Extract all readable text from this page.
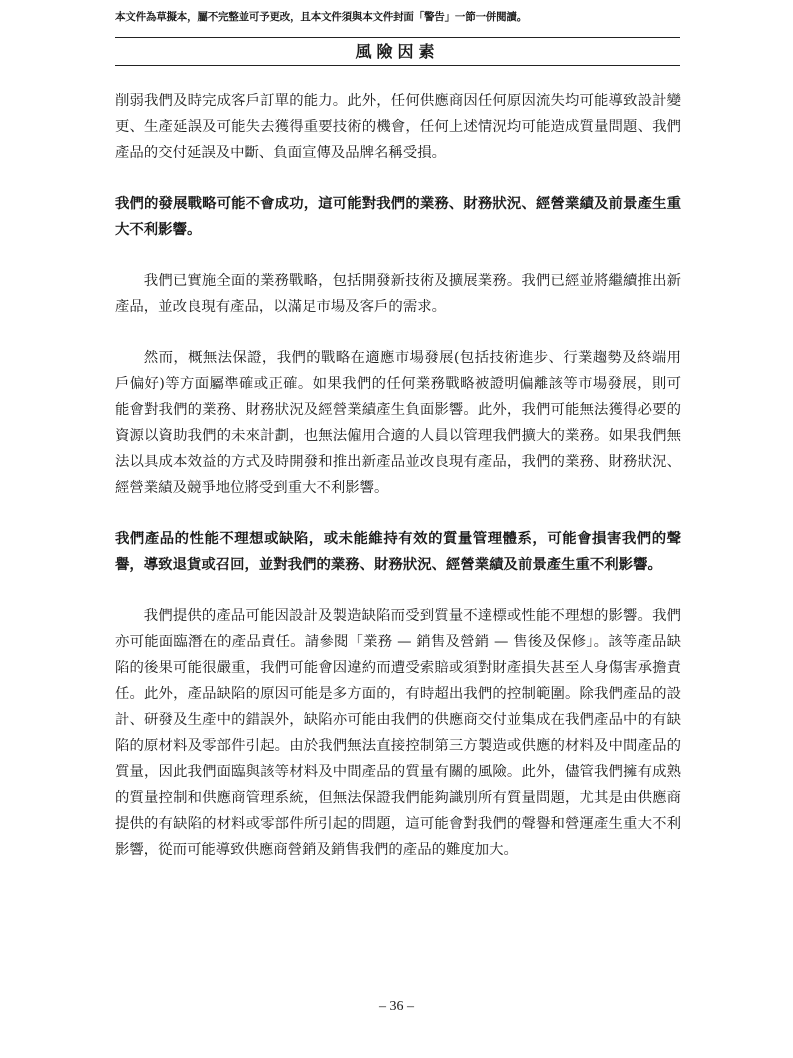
本文件為草擬本，屬不完整並可予更改，且本文件須與本文件封面「警告」一節一併閱讀。
風險因素

削弱我們及時完成客戶訂單的能力。此外，任何供應商因任何原因流失均可能導致設計變更、生產延誤及可能失去獲得重要技術的機會，任何上述情況均可能造成質量問題、我們產品的交付延誤及中斷、負面宣傳及品牌名稱受損。

我們的發展戰略可能不會成功，這可能對我們的業務、財務狀況、經營業績及前景產生重大不利影響。

我們已實施全面的業務戰略，包括開發新技術及擴展業務。我們已經並將繼續推出新產品，並改良現有產品，以滿足市場及客戶的需求。

然而，概無法保證，我們的戰略在適應市場發展(包括技術進步、行業趨勢及終端用戶偏好)等方面屬準確或正確。如果我們的任何業務戰略被證明偏離該等市場發展，則可能會對我們的業務、財務狀況及經營業績產生負面影響。此外，我們可能無法獲得必要的資源以資助我們的未來計劃，也無法僱用合適的人員以管理我們擴大的業務。如果我們無法以具成本效益的方式及時開發和推出新產品並改良現有產品，我們的業務、財務狀況、經營業績及競爭地位將受到重大不利影響。

我們產品的性能不理想或缺陷，或未能維持有效的質量管理體系，可能會損害我們的聲譽，導致退貨或召回，並對我們的業務、財務狀況、經營業績及前景產生重不利影響。

我們提供的產品可能因設計及製造缺陷而受到質量不達標或性能不理想的影響。我們亦可能面臨潛在的產品責任。請參閱「業務 — 銷售及營銷 — 售後及保修」。該等產品缺陷的後果可能很嚴重，我們可能會因違約而遭受索賠或須對財產損失甚至人身傷害承擔責任。此外，產品缺陷的原因可能是多方面的，有時超出我們的控制範圍。除我們產品的設計、研發及生產中的錯誤外，缺陷亦可能由我們的供應商交付並集成在我們產品中的有缺陷的原材料及零部件引起。由於我們無法直接控制第三方製造或供應的材料及中間產品的質量，因此我們面臨與該等材料及中間產品的質量有關的風險。此外，儘管我們擁有成熟的質量控制和供應商管理系統，但無法保證我們能夠識別所有質量問題，尤其是由供應商提供的有缺陷的材料或零部件所引起的問題，這可能會對我們的聲譽和營運產生重大不利影響，從而可能導致供應商營銷及銷售我們的產品的難度加大。

– 36 –
